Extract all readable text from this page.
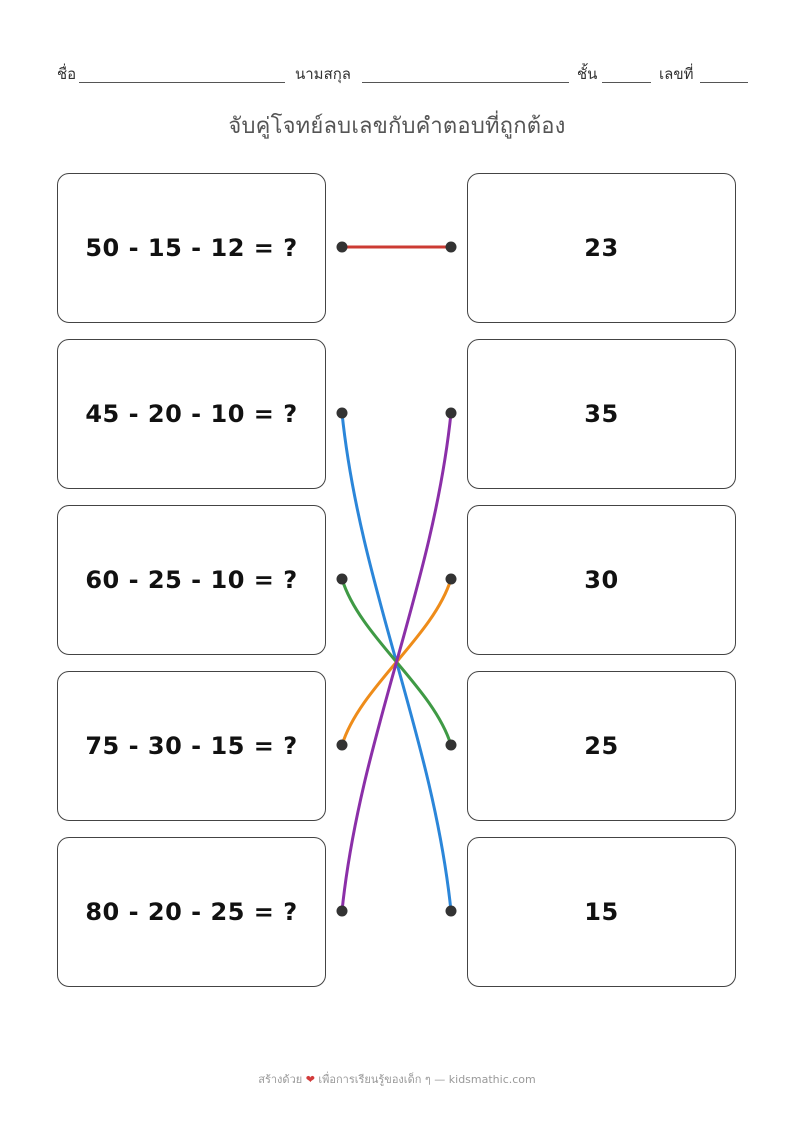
ชื่อ	นามสกุล	ชั้น	เลขที่
จับคู่โจทย์ลบเลขกับคำตอบที่ถูกต้อง
50 - 15 - 12 = ?
45 - 20 - 10 = ?
60 - 25 - 10 = ?
75 - 30 - 15 = ?
80 - 20 - 25 = ?
23
35
30
25
15
สร้างด้วย ❤ เพื่อการเรียนรู้ของเด็ก ๆ — kidsmathic.com
